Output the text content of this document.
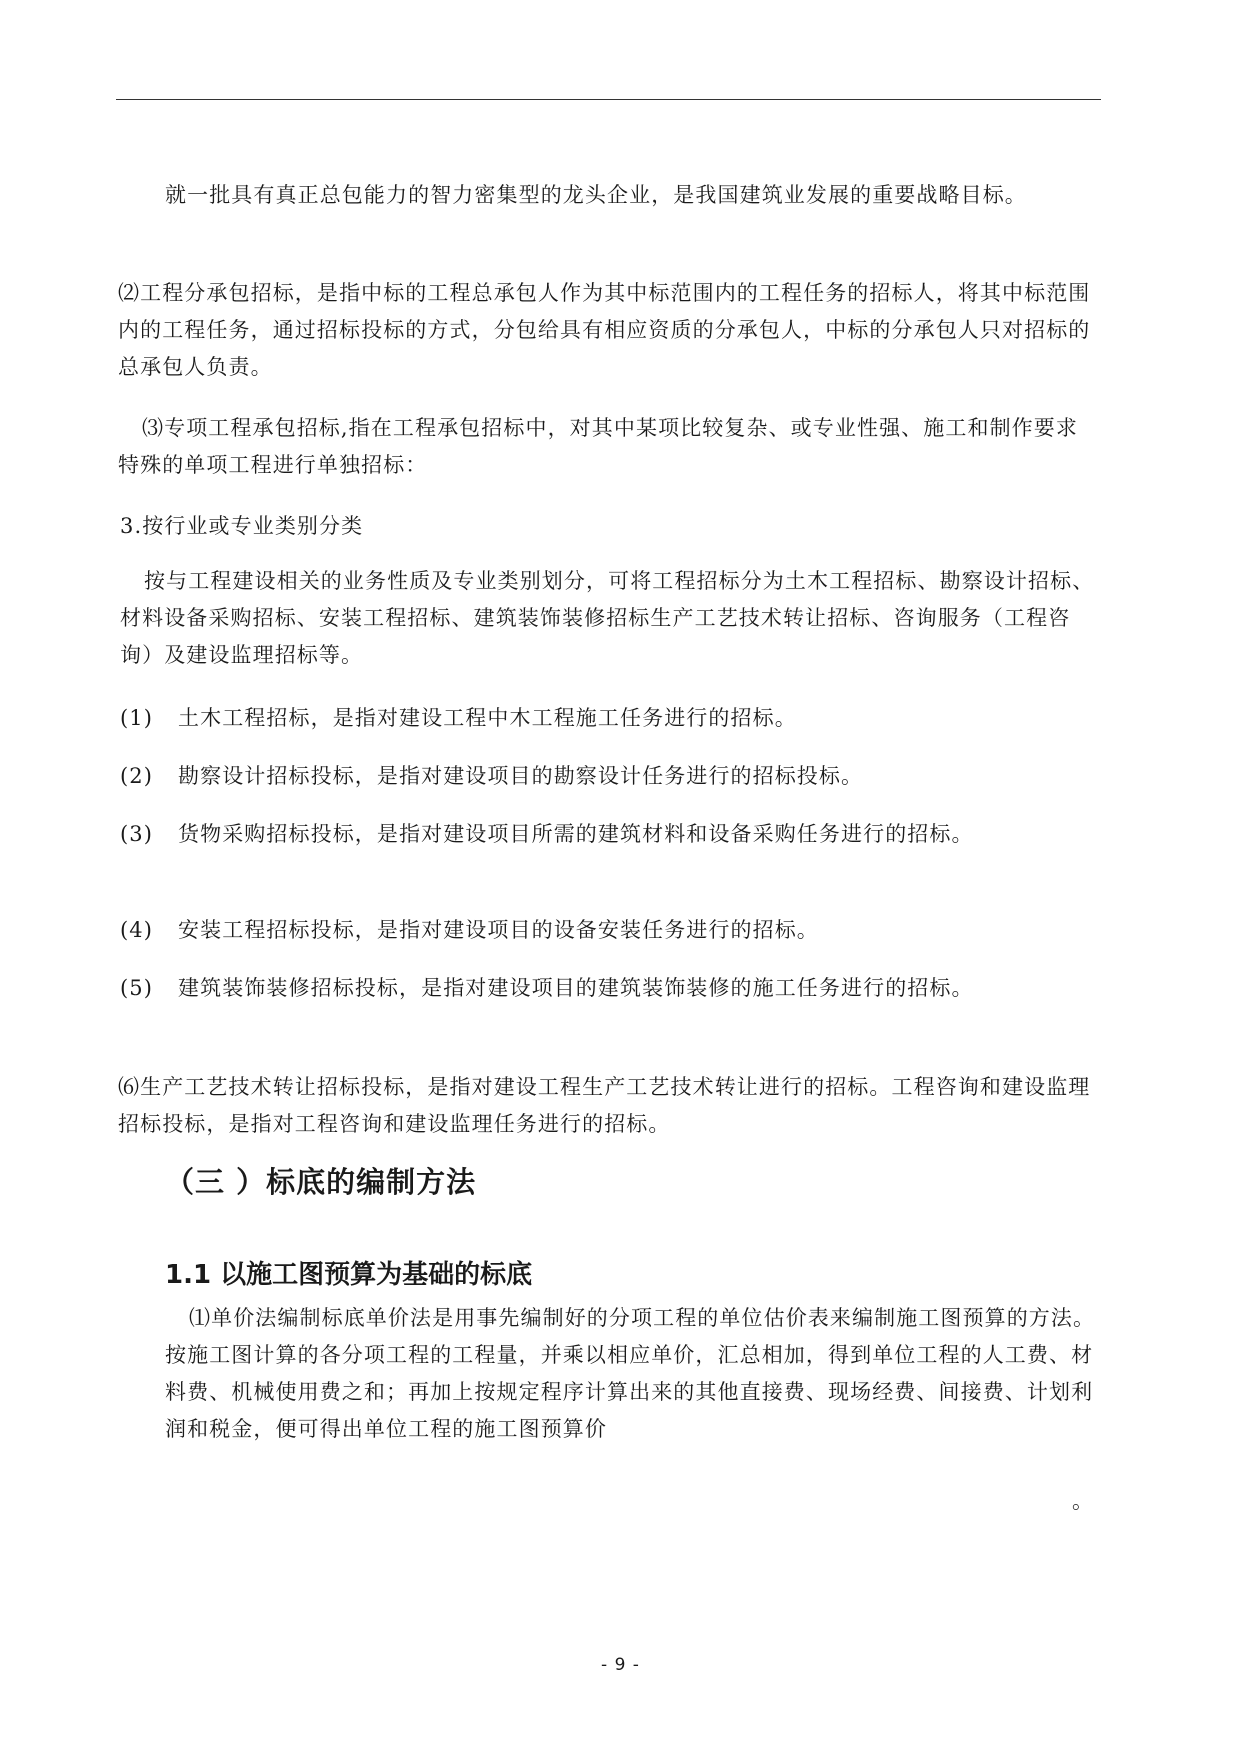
就一批具有真正总包能力的智力密集型的龙头企业，是我国建筑业发展的重要战略目标。

⑵工程分承包招标，是指中标的工程总承包人作为其中标范围内的工程任务的招标人，将其中标范围内的工程任务，通过招标投标的方式，分包给具有相应资质的分承包人，中标的分承包人只对招标的总承包人负责。

⑶专项工程承包招标,指在工程承包招标中，对其中某项比较复杂、或专业性强、施工和制作要求特殊的单项工程进行单独招标：

3.按行业或专业类别分类

按与工程建设相关的业务性质及专业类别划分，可将工程招标分为土木工程招标、勘察设计招标、材料设备采购招标、安装工程招标、建筑装饰装修招标生产工艺技术转让招标、咨询服务（工程咨询）及建设监理招标等。

(1) 土木工程招标，是指对建设工程中木工程施工任务进行的招标。

(2) 勘察设计招标投标，是指对建设项目的勘察设计任务进行的招标投标。

(3) 货物采购招标投标，是指对建设项目所需的建筑材料和设备采购任务进行的招标。

(4) 安装工程招标投标，是指对建设项目的设备安装任务进行的招标。

(5) 建筑装饰装修招标投标，是指对建设项目的建筑装饰装修的施工任务进行的招标。

⑹生产工艺技术转让招标投标，是指对建设工程生产工艺技术转让进行的招标。工程咨询和建设监理招标投标，是指对工程咨询和建设监理任务进行的招标。

（三 ）标底的编制方法
1.1 以施工图预算为基础的标底

⑴单价法编制标底单价法是用事先编制好的分项工程的单位估价表来编制施工图预算的方法。按施工图计算的各分项工程的工程量，并乘以相应单价，汇总相加，得到单位工程的人工费、材料费、机械使用费之和；再加上按规定程序计算出来的其他直接费、现场经费、间接费、计划利润和税金，便可得出单位工程的施工图预算价

。
- 9 -
